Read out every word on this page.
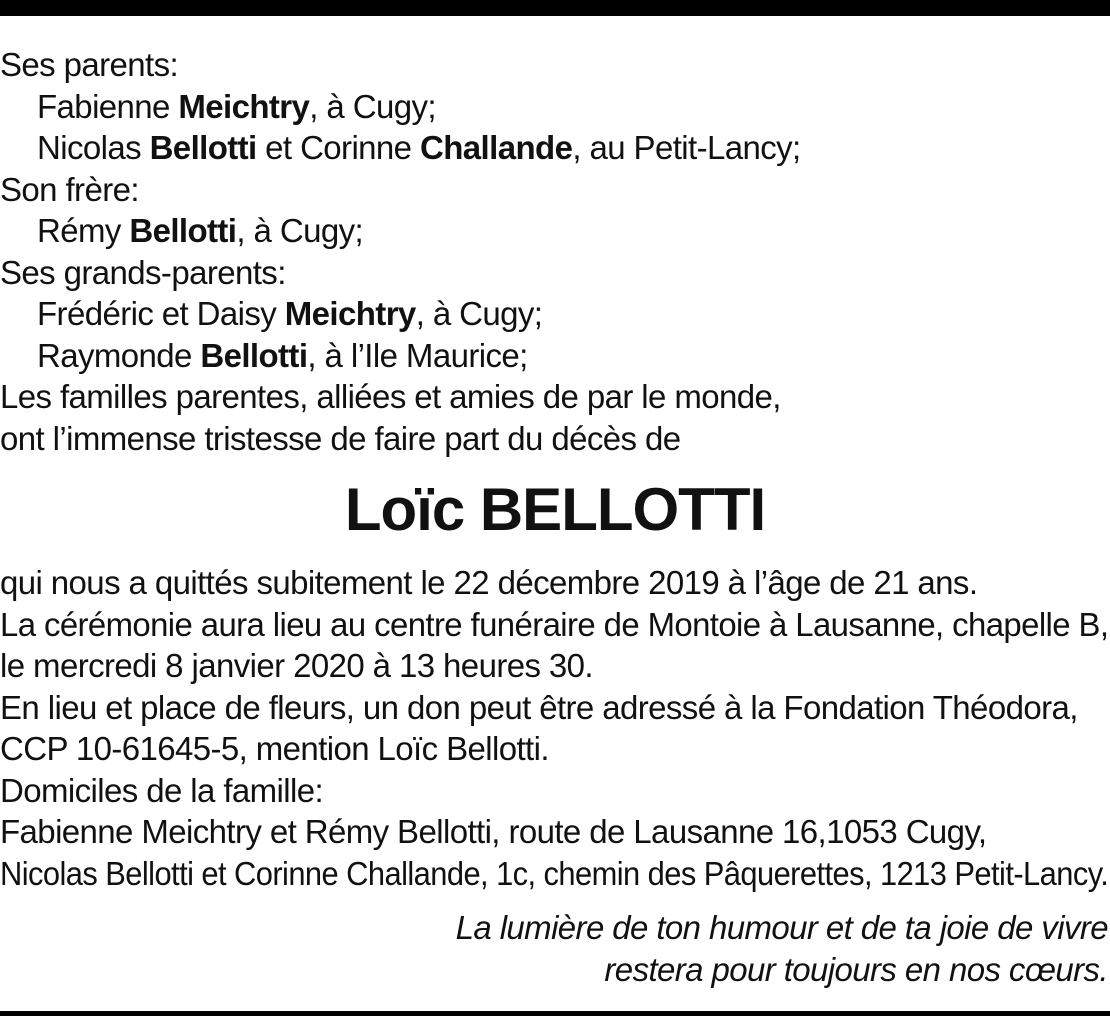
Ses parents:
Fabienne Meichtry, à Cugy;
Nicolas Bellotti et Corinne Challande, au Petit-Lancy;
Son frère:
Rémy Bellotti, à Cugy;
Ses grands-parents:
Frédéric et Daisy Meichtry, à Cugy;
Raymonde Bellotti, à l’Ile Maurice;
Les familles parentes, alliées et amies de par le monde,
ont l’immense tristesse de faire part du décès de
Loïc BELLOTTI
qui nous a quittés subitement le 22 décembre 2019 à l’âge de 21 ans.
La cérémonie aura lieu au centre funéraire de Montoie à Lausanne, chapelle B,
le mercredi 8 janvier 2020 à 13 heures 30.
En lieu et place de fleurs, un don peut être adressé à la Fondation Théodora,
CCP 10-61645-5, mention Loïc Bellotti.
Domiciles de la famille:
Fabienne Meichtry et Rémy Bellotti, route de Lausanne 16,1053 Cugy,
Nicolas Bellotti et Corinne Challande, 1c, chemin des Pâquerettes, 1213 Petit-Lancy.
La lumière de ton humour et de ta joie de vivre
restera pour toujours en nos cœurs.
